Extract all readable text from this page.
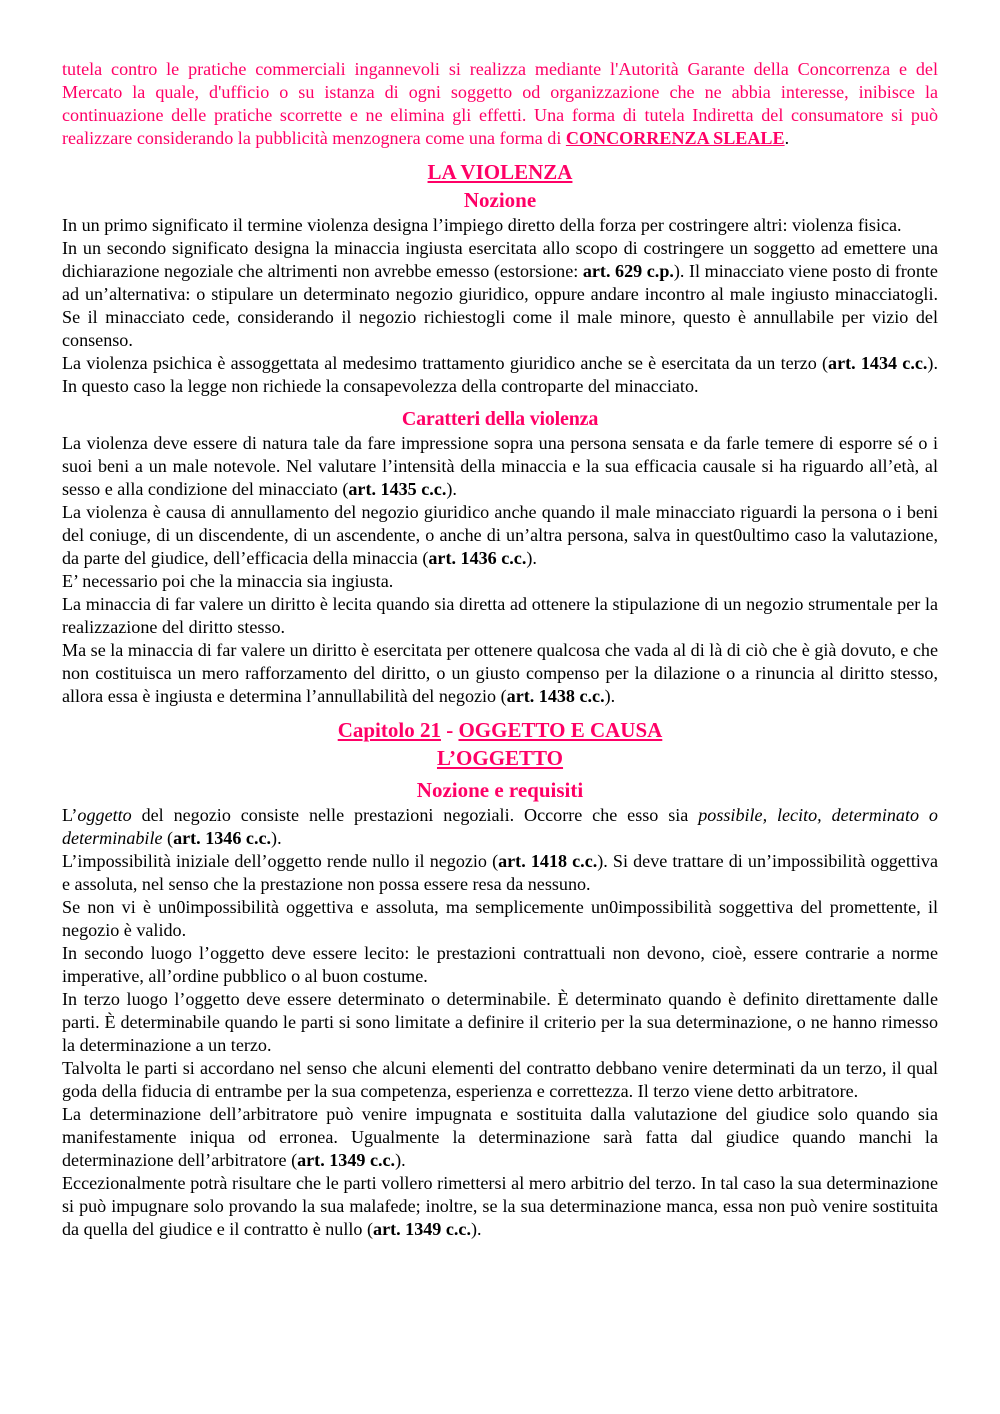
tutela contro le pratiche commerciali ingannevoli si realizza mediante l'Autorità Garante della Concorrenza e del Mercato la quale, d'ufficio o su istanza di ogni soggetto od organizzazione che ne abbia interesse, inibisce la continuazione delle pratiche scorrette e ne elimina gli effetti. Una forma di tutela Indiretta del consumatore si può realizzare considerando la pubblicità menzognera come una forma di CONCORRENZA SLEALE.

LA VIOLENZA
Nozione

In un primo significato il termine violenza designa l’impiego diretto della forza per costringere altri: violenza fisica.

In un secondo significato designa la minaccia ingiusta esercitata allo scopo di costringere un soggetto ad emettere una dichiarazione negoziale che altrimenti non avrebbe emesso (estorsione: art. 629 c.p.). Il minacciato viene posto di fronte ad un’alternativa: o stipulare un determinato negozio giuridico, oppure andare incontro al male ingiusto minacciatogli. Se il minacciato cede, considerando il negozio richiestogli come il male minore, questo è annullabile per vizio del consenso.

La violenza psichica è assoggettata al medesimo trattamento giuridico anche se è esercitata da un terzo (art. 1434 c.c.). In questo caso la legge non richiede la consapevolezza della controparte del minacciato.

Caratteri della violenza

La violenza deve essere di natura tale da fare impressione sopra una persona sensata e da farle temere di esporre sé o i suoi beni a un male notevole. Nel valutare l’intensità della minaccia e la sua efficacia causale si ha riguardo all’età, al sesso e alla condizione del minacciato (art. 1435 c.c.).

La violenza è causa di annullamento del negozio giuridico anche quando il male minacciato riguardi la persona o i beni del coniuge, di un discendente, di un ascendente, o anche di un’altra persona, salva in quest0ultimo caso la valutazione, da parte del giudice, dell’efficacia della minaccia (art. 1436 c.c.).

E’ necessario poi che la minaccia sia ingiusta.

La minaccia di far valere un diritto è lecita quando sia diretta ad ottenere la stipulazione di un negozio strumentale per la realizzazione del diritto stesso.

Ma se la minaccia di far valere un diritto è esercitata per ottenere qualcosa che vada al di là di ciò che è già dovuto, e che non costituisca un mero rafforzamento del diritto, o un giusto compenso per la dilazione o a rinuncia al diritto stesso, allora essa è ingiusta e determina l’annullabilità del negozio (art. 1438 c.c.).

Capitolo 21 - OGGETTO E CAUSA
L’OGGETTO
Nozione e requisiti

L’oggetto del negozio consiste nelle prestazioni negoziali. Occorre che esso sia possibile, lecito, determinato o determinabile (art. 1346 c.c.).

L’impossibilità iniziale dell’oggetto rende nullo il negozio (art. 1418 c.c.). Si deve trattare di un’impossibilità oggettiva e assoluta, nel senso che la prestazione non possa essere resa da nessuno.

Se non vi è un0impossibilità oggettiva e assoluta, ma semplicemente un0impossibilità soggettiva del promettente, il negozio è valido.

In secondo luogo l’oggetto deve essere lecito: le prestazioni contrattuali non devono, cioè, essere contrarie a norme imperative, all’ordine pubblico o al buon costume.

In terzo luogo l’oggetto deve essere determinato o determinabile. È determinato quando è definito direttamente dalle parti. È determinabile quando le parti si sono limitate a definire il criterio per la sua determinazione, o ne hanno rimesso la determinazione a un terzo.

Talvolta le parti si accordano nel senso che alcuni elementi del contratto debbano venire determinati da un terzo, il qual goda della fiducia di entrambe per la sua competenza, esperienza e correttezza. Il terzo viene detto arbitratore.

La determinazione dell’arbitratore può venire impugnata e sostituita dalla valutazione del giudice solo quando sia manifestamente iniqua od erronea. Ugualmente la determinazione sarà fatta dal giudice quando manchi la determinazione dell’arbitratore (art. 1349 c.c.).

Eccezionalmente potrà risultare che le parti vollero rimettersi al mero arbitrio del terzo. In tal caso la sua determinazione si può impugnare solo provando la sua malafede; inoltre, se la sua determinazione manca, essa non può venire sostituita da quella del giudice e il contratto è nullo (art. 1349 c.c.).
